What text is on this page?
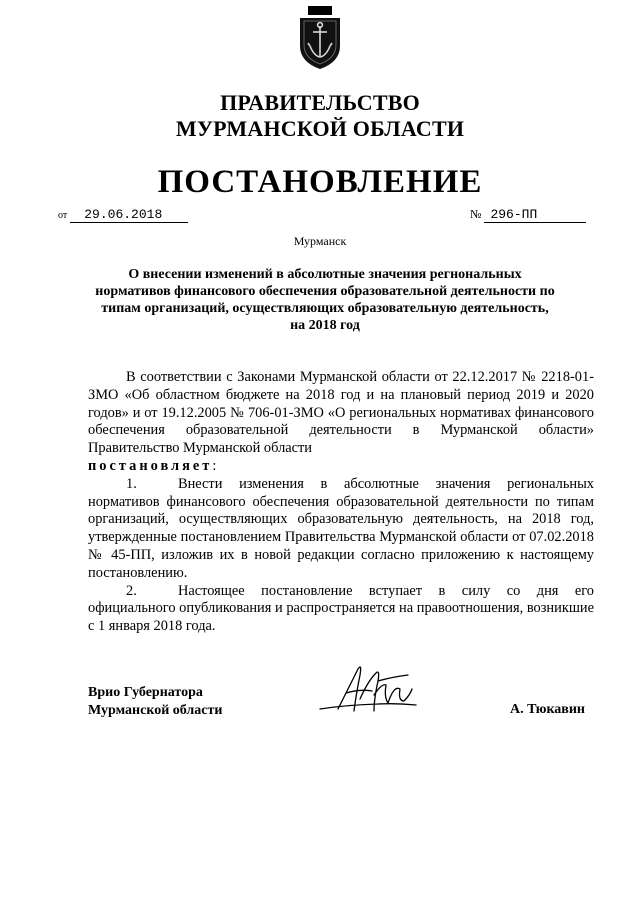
ПРАВИТЕЛЬСТВО
МУРМАНСКОЙ ОБЛАСТИ
ПОСТАНОВЛЕНИЕ
от 29.06.2018	№ 296-ПП
Мурманск
О внесении изменений в абсолютные значения регнональных
нормативов финансового обеспечения образовательной деятельности по
типам организаций, осуществляющих образовательную деятельность,
на 2018 год

В соответствии с Законами Мурманской области от 22.12.2017 № 2218-01-ЗМО «Об областном бюджете на 2018 год и на плановый период 2019 и 2020 годов» и от 19.12.2005 № 706-01-ЗМО «О региональных нормативах финансового обеспечения образовательной деятельности в Мурманской области» Правительство Мурманской области

постановляет:

1.	Внести изменения в абсолютные значения региональных нормативов финансового обеспечения образовательной деятельности по типам организаций, осуществляющих образовательную деятельность, на 2018 год, утвержденные постановлением Правительства Мурманской области от 07.02.2018 № 45-ПП, изложив их в новой редакции согласно приложению к настоящему постановлению.

2.	Настоящее постановление вступает в силу со дня его официального опубликования и распространяется на правоотношения, возникшие с 1 января 2018 года.

Врио Губернатора
Мурманской области	А. Тюкавин
